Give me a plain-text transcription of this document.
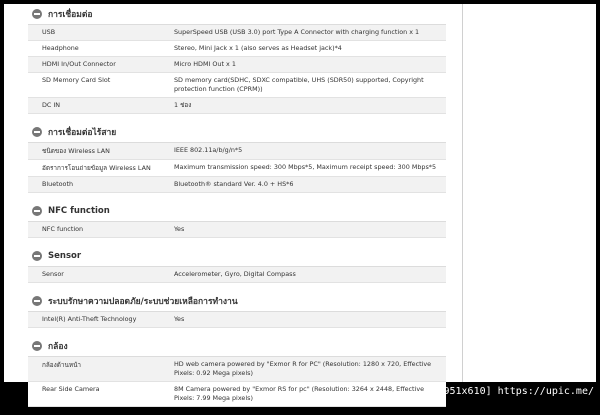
การเชื่อมต่อ
USB	SuperSpeed USB (USB 3.0) port Type A Connector with charging function x 1
Headphone	Stereo, Mini Jack x 1 (also serves as Headset jack)*4
HDMI In/Out Connector	Micro HDMI Out x 1
SD Memory Card Slot	SD memory card(SDHC, SDXC compatible, UHS (SDR50) supported, Copyright protection function (CPRM))
DC IN	1 ช่อง
การเชื่อมต่อไร้สาย
ชนิดของ Wireless LAN	IEEE 802.11a/b/g/n*5
อัตราการโอนถ่ายข้อมูล Wireless LAN	Maximum transmission speed: 300 Mbps*5, Maximum receipt speed: 300 Mbps*5
Bluetooth	Bluetooth® standard Ver. 4.0 + HS*6
NFC function
NFC function	Yes
Sensor
Sensor	Accelerometer, Gyro, Digital Compass
ระบบรักษาความปลอดภัย/ระบบช่วยเหลือการทำงาน
Intel(R) Anti-Theft Technology	Yes
กล้อง
กล้องด้านหน้า	HD web camera powered by "Exmor R for PC" (Resolution: 1280 x 720, Effective Pixels: 0.92 Mega pixels)
Rear Side Camera	8M Camera powered by "Exmor RS for pc" (Resolution: 3264 x 2448, Effective Pixels: 7.99 Mega pixels)
[951x610] https://upic.me/
